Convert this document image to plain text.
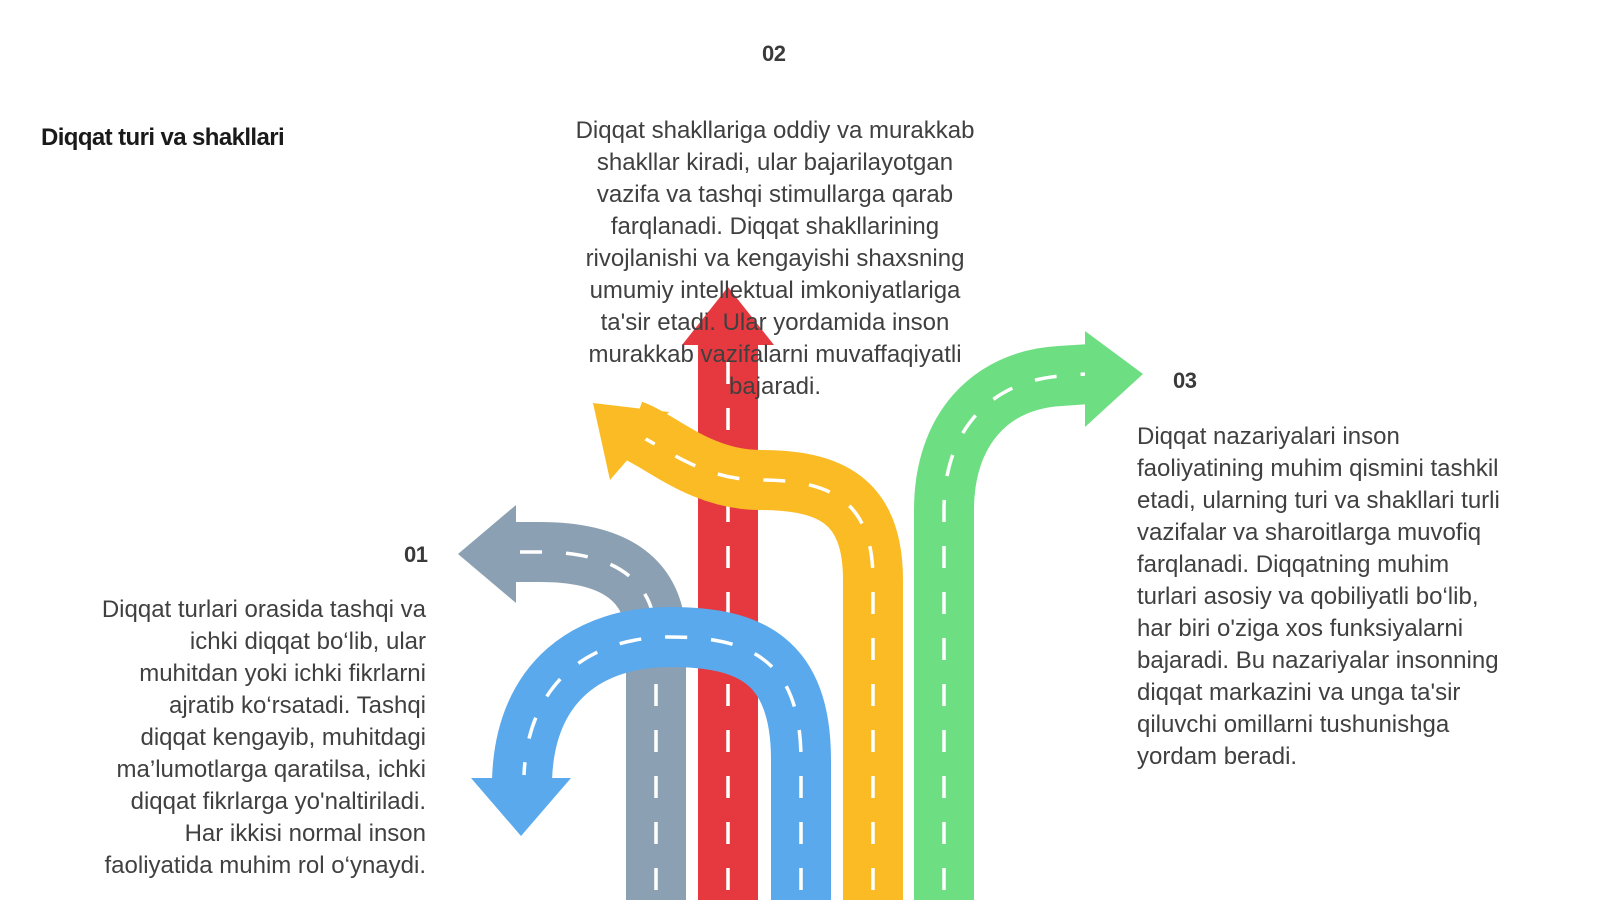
Diqqat turi va shakllari
01
Diqqat turlari orasida tashqi va
ichki diqqat bo‘lib, ular
muhitdan yoki ichki fikrlarni
ajratib ko‘rsatadi. Tashqi
diqqat kengayib, muhitdagi
ma’lumotlarga qaratilsa, ichki
diqqat fikrlarga yo'naltiriladi.
Har ikkisi normal inson
faoliyatida muhim rol o‘ynaydi.
02
Diqqat shakllariga oddiy va murakkab
shakllar kiradi, ular bajarilayotgan
vazifa va tashqi stimullarga qarab
farqlanadi. Diqqat shakllarining
rivojlanishi va kengayishi shaxsning
umumiy intellektual imkoniyatlariga
ta'sir etadi. Ular yordamida inson
murakkab vazifalarni muvaffaqiyatli
bajaradi.	03
Diqqat nazariyalari inson
faoliyatining muhim qismini tashkil
etadi, ularning turi va shakllari turli
vazifalar va sharoitlarga muvofiq
farqlanadi. Diqqatning muhim
turlari asosiy va qobiliyatli bo‘lib,
har biri o'ziga xos funksiyalarni
bajaradi. Bu nazariyalar insonning
diqqat markazini va unga ta'sir
qiluvchi omillarni tushunishga
yordam beradi.
